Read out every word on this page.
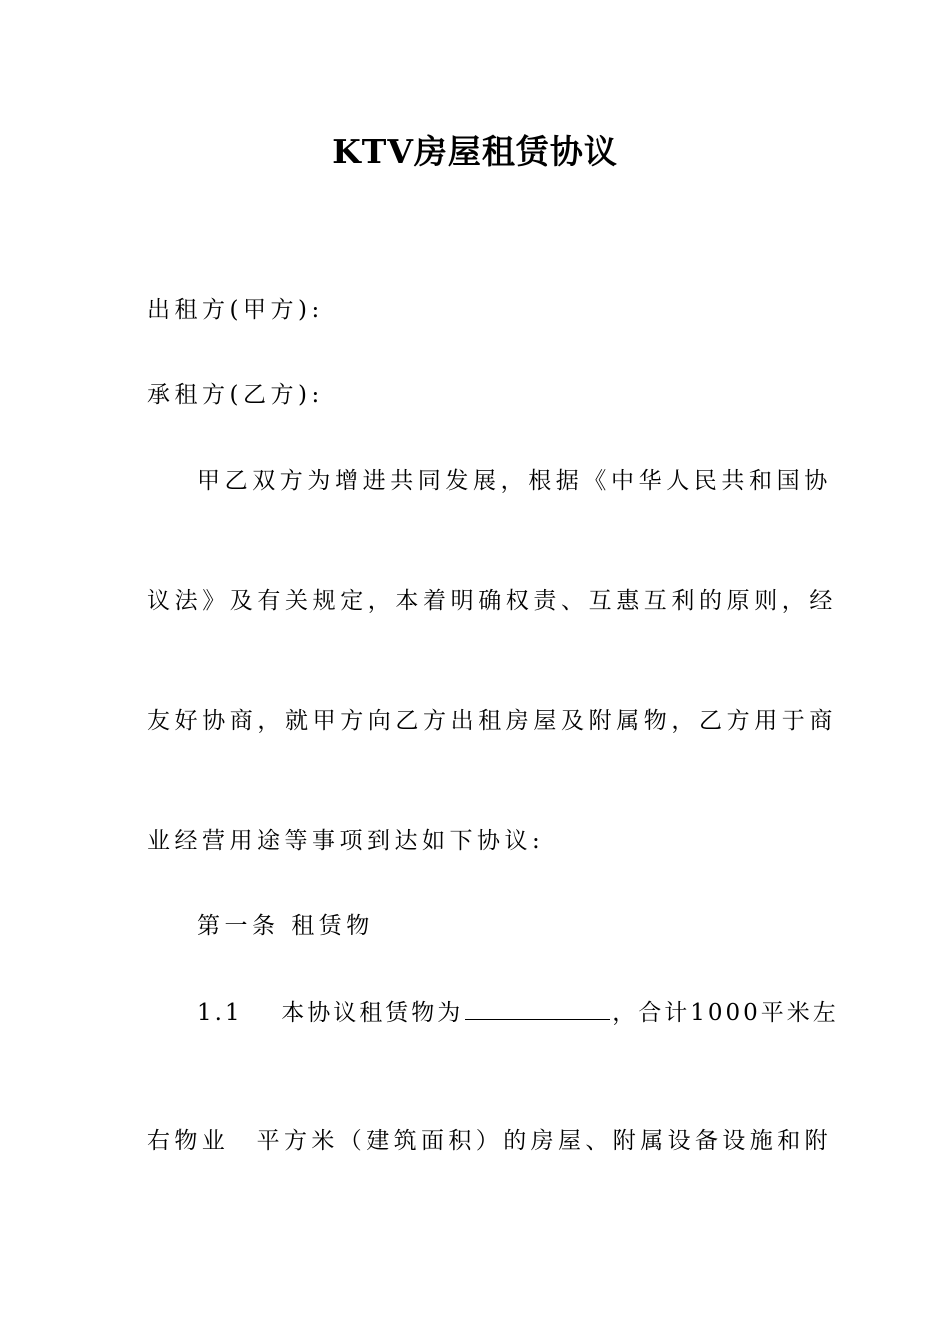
KTV房屋租赁协议
出租方(甲方):
承租方(乙方):
甲乙双方为增进共同发展，根据《中华人民共和国协
议法》及有关规定，本着明确权责、互惠互利的原则，经
友好协商，就甲方向乙方出租房屋及附属物，乙方用于商
业经营用途等事项到达如下协议:
第一条 租赁物
1.1 本协议租赁物为	，合计1000平米左
右物业　平方米（建筑面积）的房屋、附属设备设施和附
